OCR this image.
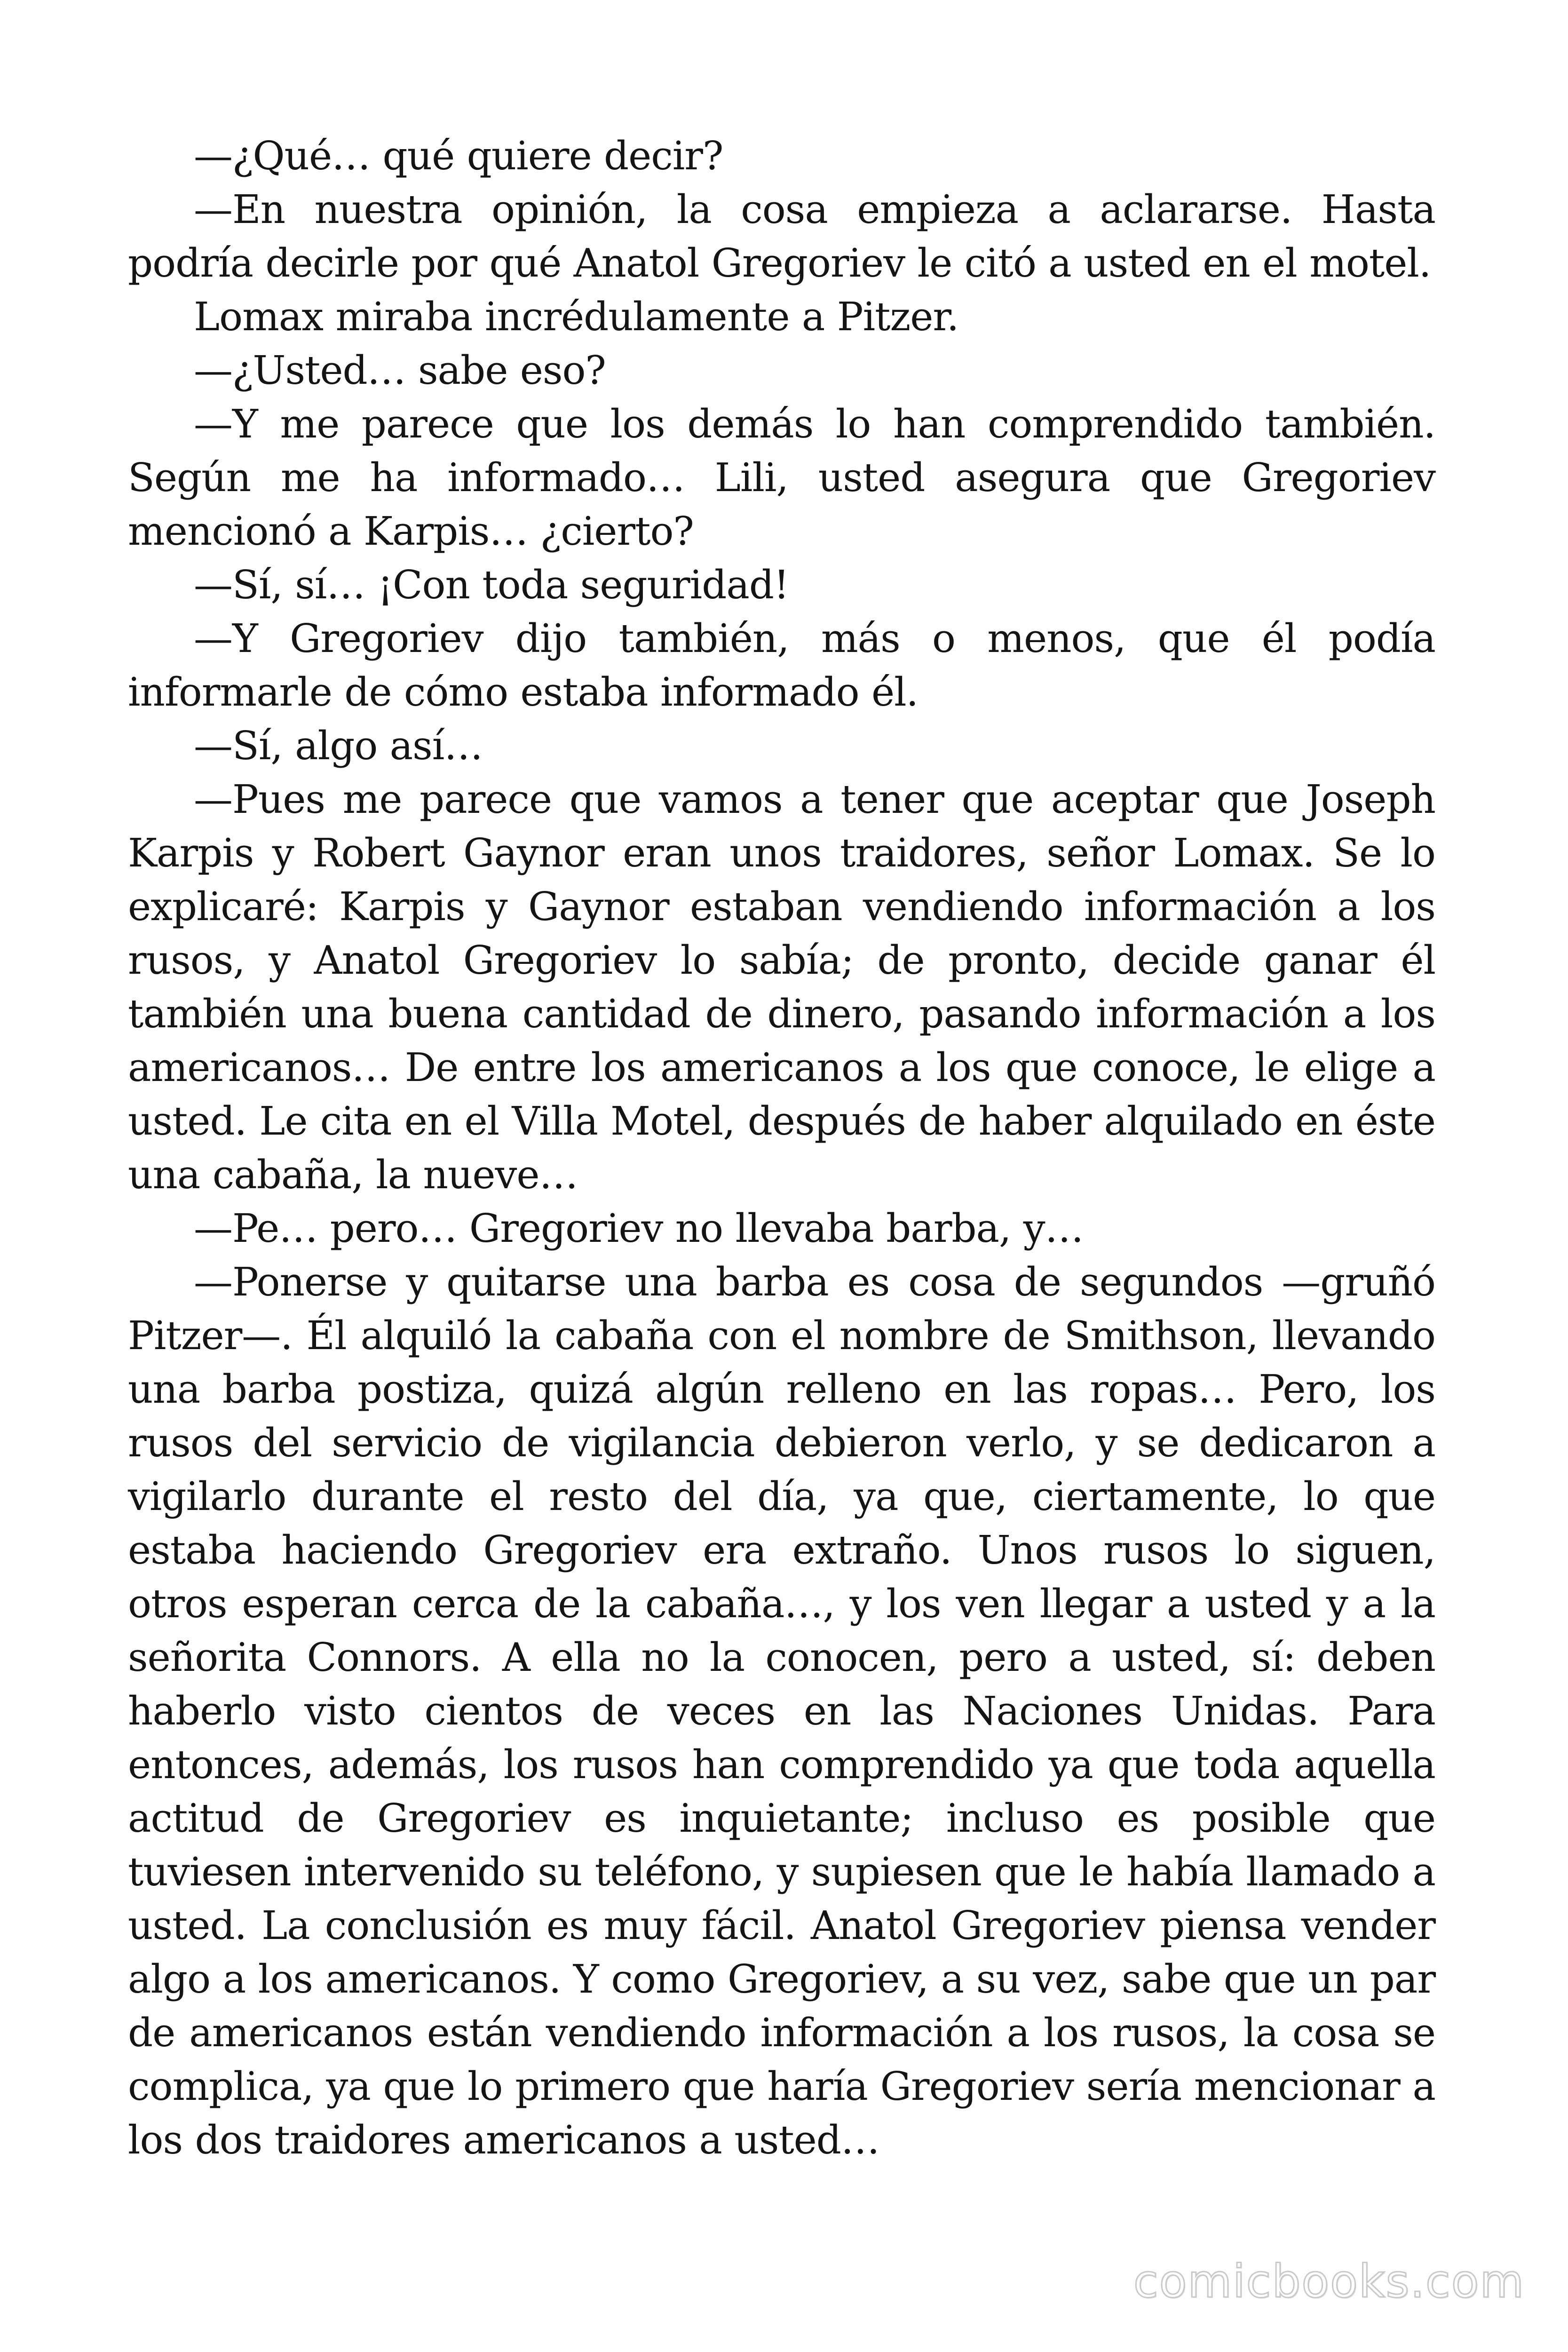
—¿Qué… qué quiere decir?

—En nuestra opinión, la cosa empieza a aclararse. Hasta podría decirle por qué Anatol Gregoriev le citó a usted en el motel.

Lomax miraba incrédulamente a Pitzer.

—¿Usted… sabe eso?

—Y me parece que los demás lo han comprendido también. Según me ha informado… Lili, usted asegura que Gregoriev mencionó a Karpis… ¿cierto?

—Sí, sí… ¡Con toda seguridad!

—Y Gregoriev dijo también, más o menos, que él podía informarle de cómo estaba informado él.

—Sí, algo así…

—Pues me parece que vamos a tener que aceptar que Joseph Karpis y Robert Gaynor eran unos traidores, señor Lomax. Se lo explicaré: Karpis y Gaynor estaban vendiendo información a los rusos, y Anatol Gregoriev lo sabía; de pronto, decide ganar él también una buena cantidad de dinero, pasando información a los americanos… De entre los americanos a los que conoce, le elige a usted. Le cita en el Villa Motel, después de haber alquilado en éste una cabaña, la nueve…

—Pe… pero… Gregoriev no llevaba barba, y…

—Ponerse y quitarse una barba es cosa de segundos —gruñó Pitzer—. Él alquiló la cabaña con el nombre de Smithson, llevando una barba postiza, quizá algún relleno en las ropas… Pero, los rusos del servicio de vigilancia debieron verlo, y se dedicaron a vigilarlo durante el resto del día, ya que, ciertamente, lo que estaba haciendo Gregoriev era extraño. Unos rusos lo siguen, otros esperan cerca de la cabaña…, y los ven llegar a usted y a la señorita Connors. A ella no la conocen, pero a usted, sí: deben haberlo visto cientos de veces en las Naciones Unidas. Para entonces, además, los rusos han comprendido ya que toda aquella actitud de Gregoriev es inquietante; incluso es posible que tuviesen intervenido su teléfono, y supiesen que le había llamado a usted. La conclusión es muy fácil. Anatol Gregoriev piensa vender algo a los americanos. Y como Gregoriev, a su vez, sabe que un par de americanos están vendiendo información a los rusos, la cosa se complica, ya que lo primero que haría Gregoriev sería mencionar a los dos traidores americanos a usted…

comicbooks.com
